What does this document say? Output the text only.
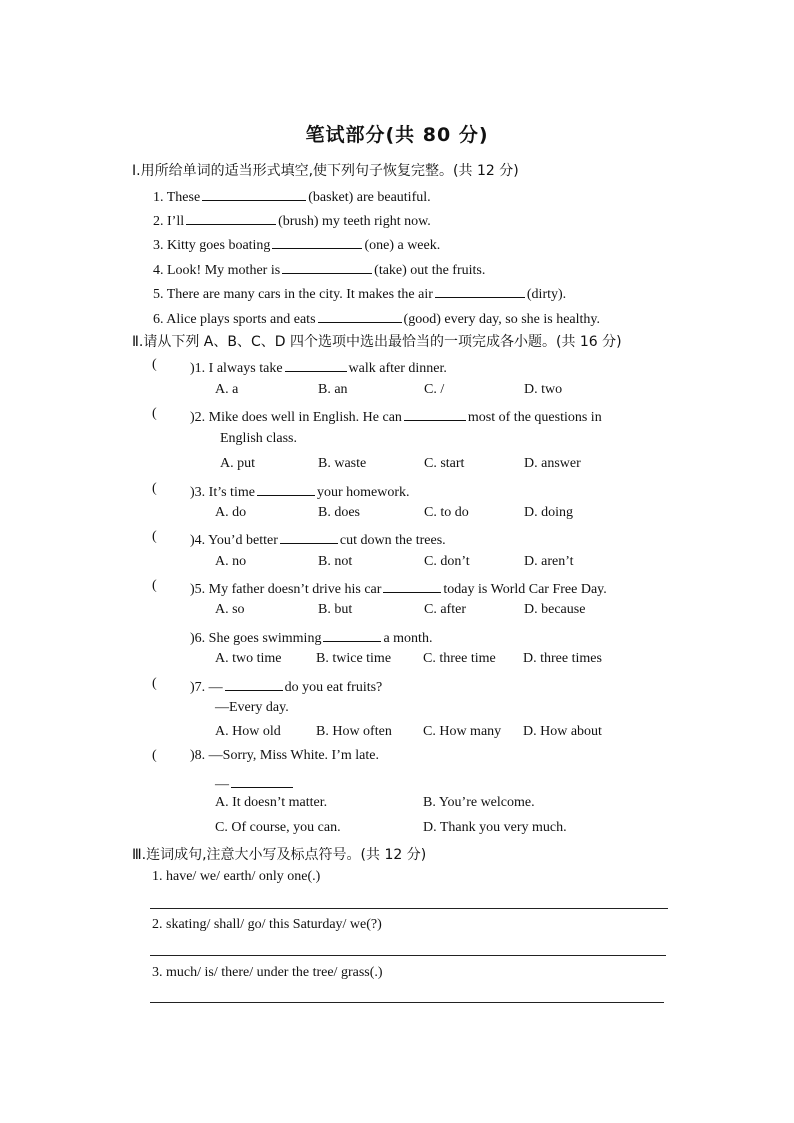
笔试部分(共 80 分)
Ⅰ.用所给单词的适当形式填空,使下列句子恢复完整。(共 12 分)
1. These	(basket) are beautiful.
2. I’ll	(brush) my teeth right now.
3. Kitty goes boating	(one) a week.
4. Look! My mother is	(take) out the fruits.
5. There are many cars in the city. It makes the air	(dirty).
6. Alice plays sports and eats	(good) every day, so she is healthy.
Ⅱ.请从下列 A、B、C、D 四个选项中选出最恰当的一项完成各小题。(共 16 分)
( )1. I always take	walk after dinner.
A. a	B. an	C. /	D. two
( )2. Mike does well in English. He can	most of the questions in
English class.
A. put	B. waste	C. start	D. answer
( )3. It’s time	your homework.
A. do	B. does	C. to do	D. doing
( )4. You’d better	cut down the trees.
A. no	B. not	C. don’t	D. aren’t
( )5. My father doesn’t drive his car	today is World Car Free Day.
A. so	B. but	C. after	D. because
)6. She goes swimming	a month.
A. two time B. twice time C. three time D. three times
( )7. —	do you eat fruits?
—Every day.
A. How old	B. How often C. How many D. How about
( )8. —Sorry, Miss White. I’m late.
—
A. It doesn’t matter.	B. You’re welcome.
C. Of course, you can.	D. Thank you very much.
Ⅲ.连词成句,注意大小写及标点符号。(共 12 分)
1. have/ we/ earth/ only one(.)
2. skating/ shall/ go/ this Saturday/ we(?)
3. much/ is/ there/ under the tree/ grass(.)
